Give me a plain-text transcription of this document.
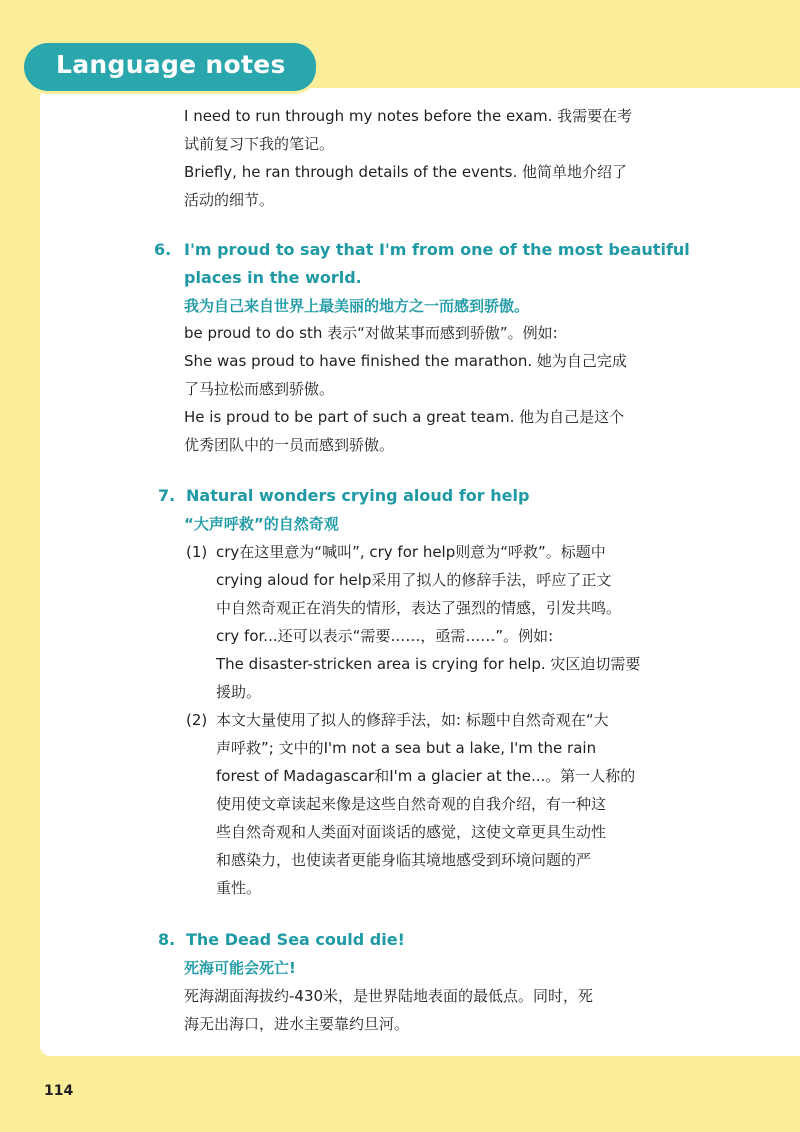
Language notes
I need to run through my notes before the exam. 我需要在考
试前复习下我的笔记。
Briefly, he ran through details of the events. 他简单地介绍了
活动的细节。
6. I'm proud to say that I'm from one of the most beautiful
places in the world.
我为自己来自世界上最美丽的地方之一而感到骄傲。
be proud to do sth 表示“对做某事而感到骄傲”。例如:
She was proud to have finished the marathon. 她为自己完成
了马拉松而感到骄傲。
He is proud to be part of such a great team. 他为自己是这个
优秀团队中的一员而感到骄傲。
7. Natural wonders crying aloud for help
“大声呼救”的自然奇观
(1) cry在这里意为“喊叫”, cry for help则意为“呼救”。标题中
crying aloud for help采用了拟人的修辞手法，呼应了正文
中自然奇观正在消失的情形，表达了强烈的情感，引发共鸣。
cry for...还可以表示“需要……，亟需……”。例如:
The disaster-stricken area is crying for help. 灾区迫切需要
援助。
(2) 本文大量使用了拟人的修辞手法，如: 标题中自然奇观在“大
声呼救”; 文中的I'm not a sea but a lake, I'm the rain
forest of Madagascar和I'm a glacier at the...。第一人称的
使用使文章读起来像是这些自然奇观的自我介绍，有一种这
些自然奇观和人类面对面谈话的感觉，这使文章更具生动性
和感染力，也使读者更能身临其境地感受到环境问题的严
重性。
8. The Dead Sea could die!
死海可能会死亡!
死海湖面海拔约-430米，是世界陆地表面的最低点。同时，死
海无出海口，进水主要靠约旦河。
114
